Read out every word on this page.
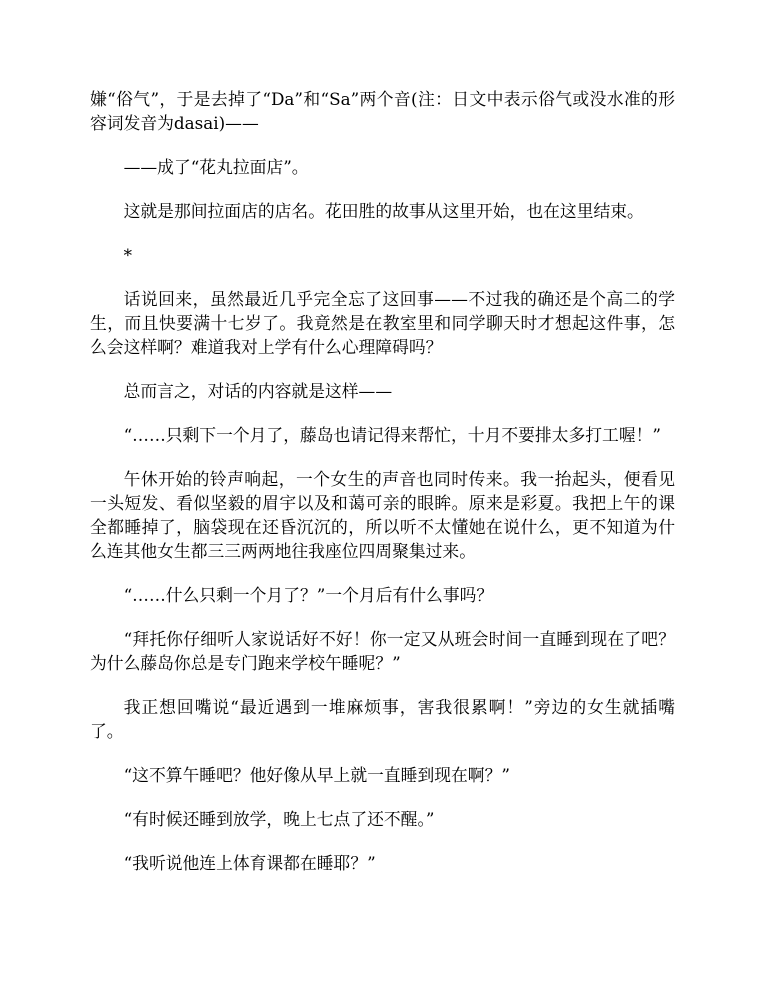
嫌“俗气”，于是去掉了“Da”和“Sa”两个音(注：日文中表示俗气或没水准的形容词发音为dasai)——

——成了“花丸拉面店”。

这就是那间拉面店的店名。花田胜的故事从这里开始，也在这里结束。

*

话说回来，虽然最近几乎完全忘了这回事——不过我的确还是个高二的学生，而且快要满十七岁了。我竟然是在教室里和同学聊天时才想起这件事，怎么会这样啊？难道我对上学有什么心理障碍吗？

总而言之，对话的内容就是这样——

“……只剩下一个月了，藤岛也请记得来帮忙，十月不要排太多打工喔！”

午休开始的铃声响起，一个女生的声音也同时传来。我一抬起头，便看见一头短发、看似坚毅的眉宇以及和蔼可亲的眼眸。原来是彩夏。我把上午的课全都睡掉了，脑袋现在还昏沉沉的，所以听不太懂她在说什么，更不知道为什么连其他女生都三三两两地往我座位四周聚集过来。

“……什么只剩一个月了？”一个月后有什么事吗？

“拜托你仔细听人家说话好不好！你一定又从班会时间一直睡到现在了吧？为什么藤岛你总是专门跑来学校午睡呢？”

我正想回嘴说“最近遇到一堆麻烦事，害我很累啊！”旁边的女生就插嘴了。

“这不算午睡吧？他好像从早上就一直睡到现在啊？”

“有时候还睡到放学，晚上七点了还不醒。”

“我听说他连上体育课都在睡耶？”
